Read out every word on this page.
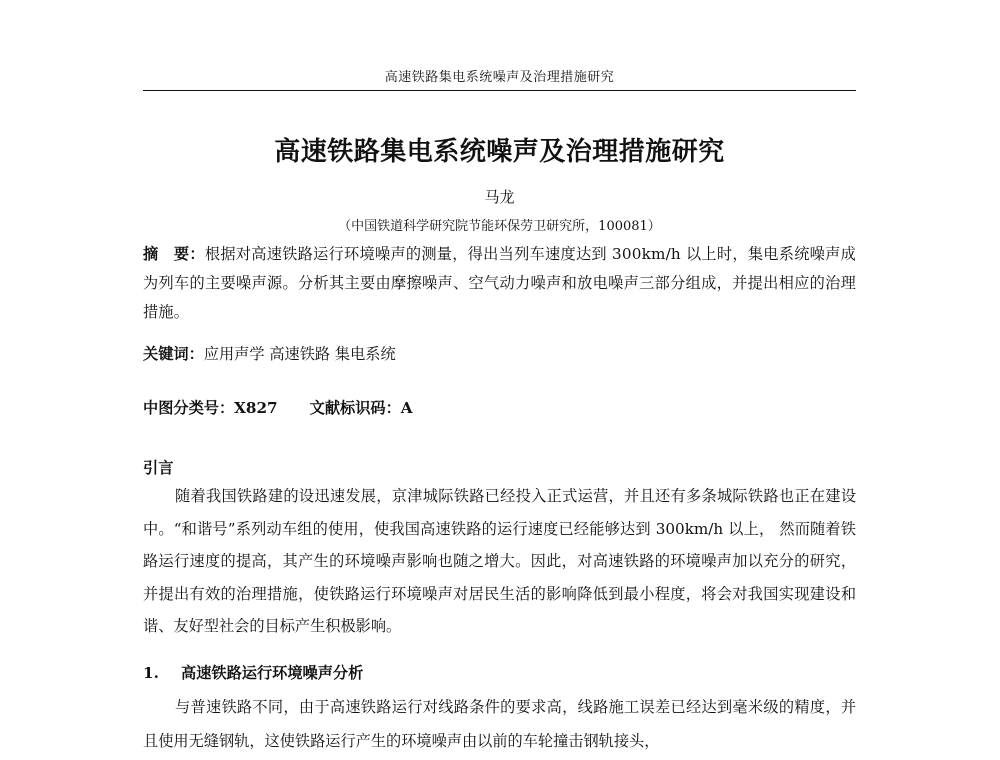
高速铁路集电系统噪声及治理措施研究
高速铁路集电系统噪声及治理措施研究
马龙
（中国铁道科学研究院节能环保劳卫研究所，100081）
摘　要：根据对高速铁路运行环境噪声的测量，得出当列车速度达到 300km/h 以上时，集电系统噪声成为列车的主要噪声源。分析其主要由摩擦噪声、空气动力噪声和放电噪声三部分组成，并提出相应的治理措施。
关键词：应用声学 高速铁路 集电系统
中图分类号：X827 文献标识码：A
引言

随着我国铁路建的设迅速发展，京津城际铁路已经投入正式运营，并且还有多条城际铁路也正在建设中。“和谐号”系列动车组的使用，使我国高速铁路的运行速度已经能够达到 300km/h 以上， 然而随着铁路运行速度的提高，其产生的环境噪声影响也随之增大。因此，对高速铁路的环境噪声加以充分的研究，并提出有效的治理措施，使铁路运行环境噪声对居民生活的影响降低到最小程度，将会对我国实现建设和谐、友好型社会的目标产生积极影响。

1. 高速铁路运行环境噪声分析

与普速铁路不同，由于高速铁路运行对线路条件的要求高，线路施工误差已经达到毫米级的精度，并且使用无缝钢轨，这使铁路运行产生的环境噪声由以前的车轮撞击钢轨接头，
